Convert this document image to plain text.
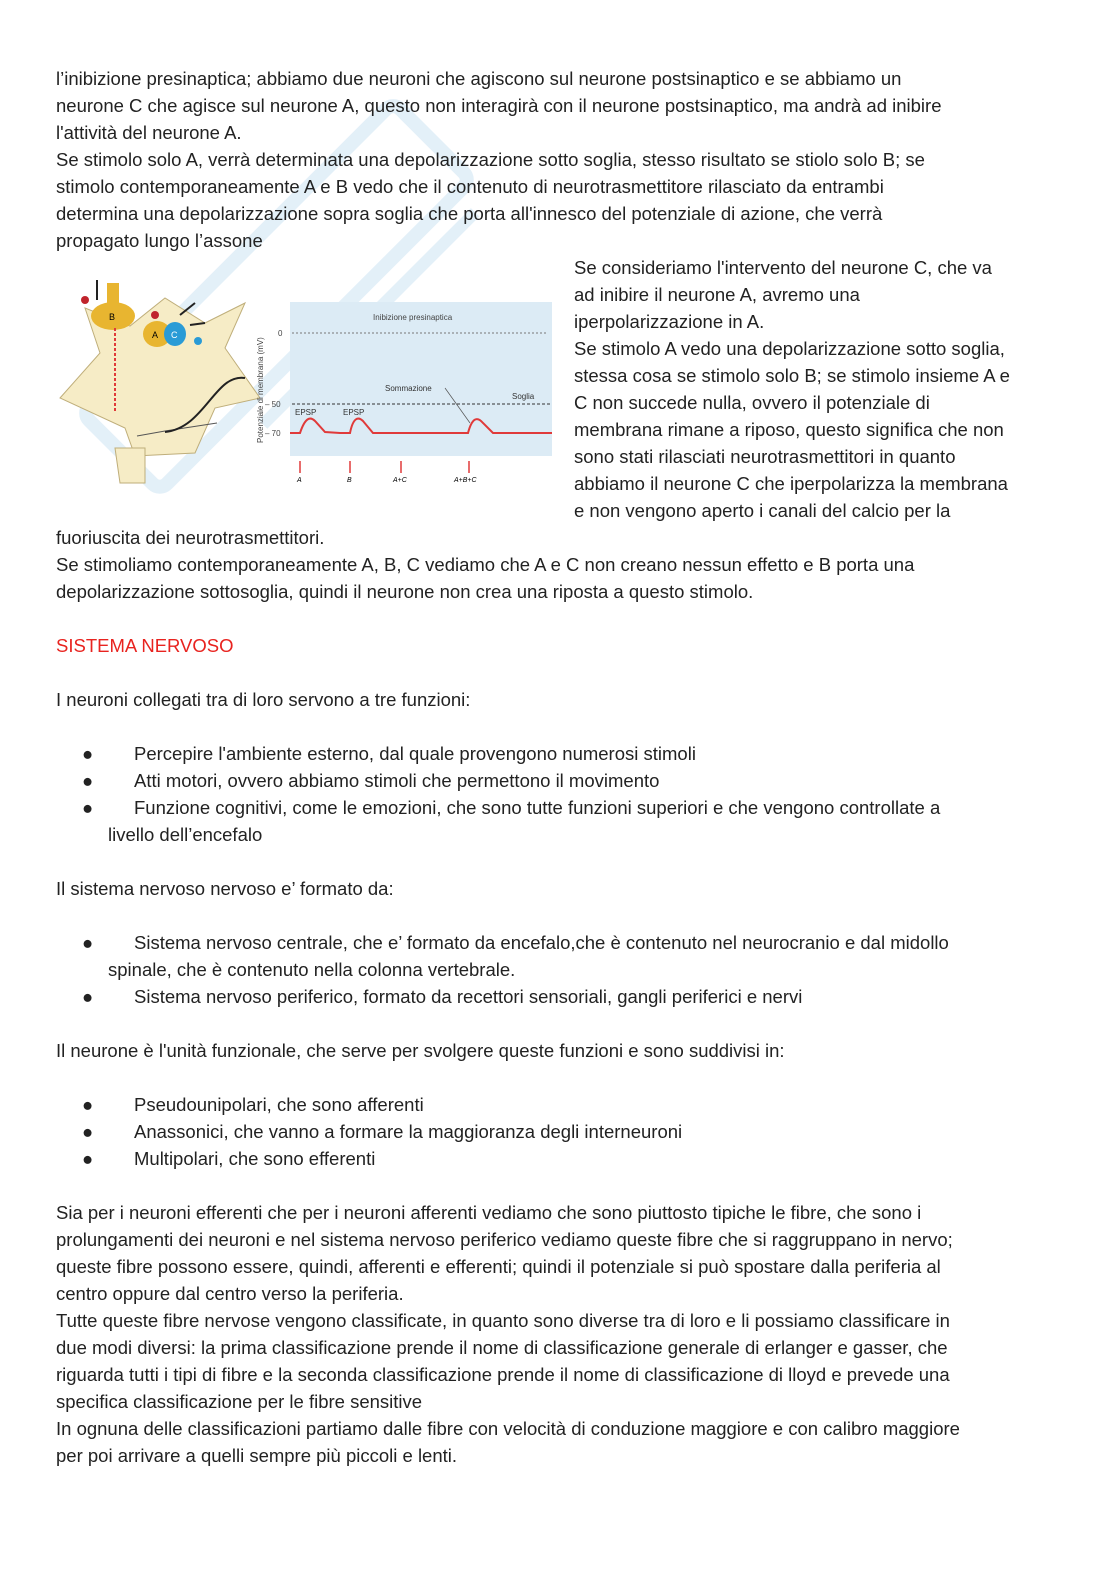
l’inibizione presinaptica; abbiamo due neuroni che agiscono sul neurone postsinaptico e se abbiamo un
neurone C che agisce sul neurone A, questo non interagirà con il neurone postsinaptico, ma andrà ad inibire
l'attività del neurone A.
Se stimolo solo A, verrà determinata una depolarizzazione sotto soglia, stesso risultato se stiolo solo B; se
stimolo contemporaneamente A e B vedo che il contenuto di neurotrasmettitore rilasciato da entrambi
determina una depolarizzazione sopra soglia che porta all'innesco del potenziale di azione, che verrà
propagato lungo l’assone
Se consideriamo l'intervento del neurone C, che va
ad inibire il neurone A, avremo una
iperpolarizzazione in A.
Se stimolo A vedo una depolarizzazione sotto soglia,
stessa cosa se stimolo solo B; se stimolo insieme A e
C non succede nulla, ovvero il potenziale di
membrana rimane a riposo, questo significa che non
sono stati rilasciati neurotrasmettitori in quanto
abbiamo il neurone C che iperpolarizza la membrana
e non vengono aperto i canali del calcio per la
B
A C
Inibizione presinaptica
Potenziale di membrana (mV)
0
– 50
– 70
Soglia
Sommazione
EPSP	EPSP
A	B	A+C	A+B+C
fuoriuscita dei neurotrasmettitori.
Se stimoliamo contemporaneamente A, B, C vediamo che A e C non creano nessun effetto e B porta una
depolarizzazione sottosoglia, quindi il neurone non crea una riposta a questo stimolo.
SISTEMA NERVOSO
I neuroni collegati tra di loro servono a tre funzioni:
●	Percepire l'ambiente esterno, dal quale provengono numerosi stimoli
●	Atti motori, ovvero abbiamo stimoli che permettono il movimento
●	Funzione cognitivi, come le emozioni, che sono tutte funzioni superiori e che vengono controllate a
livello dell’encefalo
Il sistema nervoso nervoso e’ formato da:
●	Sistema nervoso centrale, che e’ formato da encefalo,che è contenuto nel neurocranio e dal midollo
spinale, che è contenuto nella colonna vertebrale.
●	Sistema nervoso periferico, formato da recettori sensoriali, gangli periferici e nervi
Il neurone è l'unità funzionale, che serve per svolgere queste funzioni e sono suddivisi in:
●	Pseudounipolari, che sono afferenti
●	Anassonici, che vanno a formare la maggioranza degli interneuroni
●	Multipolari, che sono efferenti
Sia per i neuroni efferenti che per i neuroni afferenti vediamo che sono piuttosto tipiche le fibre, che sono i
prolungamenti dei neuroni e nel sistema nervoso periferico vediamo queste fibre che si raggruppano in nervo;
queste fibre possono essere, quindi, afferenti e efferenti; quindi il potenziale si può spostare dalla periferia al
centro oppure dal centro verso la periferia.
Tutte queste fibre nervose vengono classificate, in quanto sono diverse tra di loro e li possiamo classificare in
due modi diversi: la prima classificazione prende il nome di classificazione generale di erlanger e gasser, che
riguarda tutti i tipi di fibre e la seconda classificazione prende il nome di classificazione di lloyd e prevede una
specifica classificazione per le fibre sensitive
In ognuna delle classificazioni partiamo dalle fibre con velocità di conduzione maggiore e con calibro maggiore
per poi arrivare a quelli sempre più piccoli e lenti.
